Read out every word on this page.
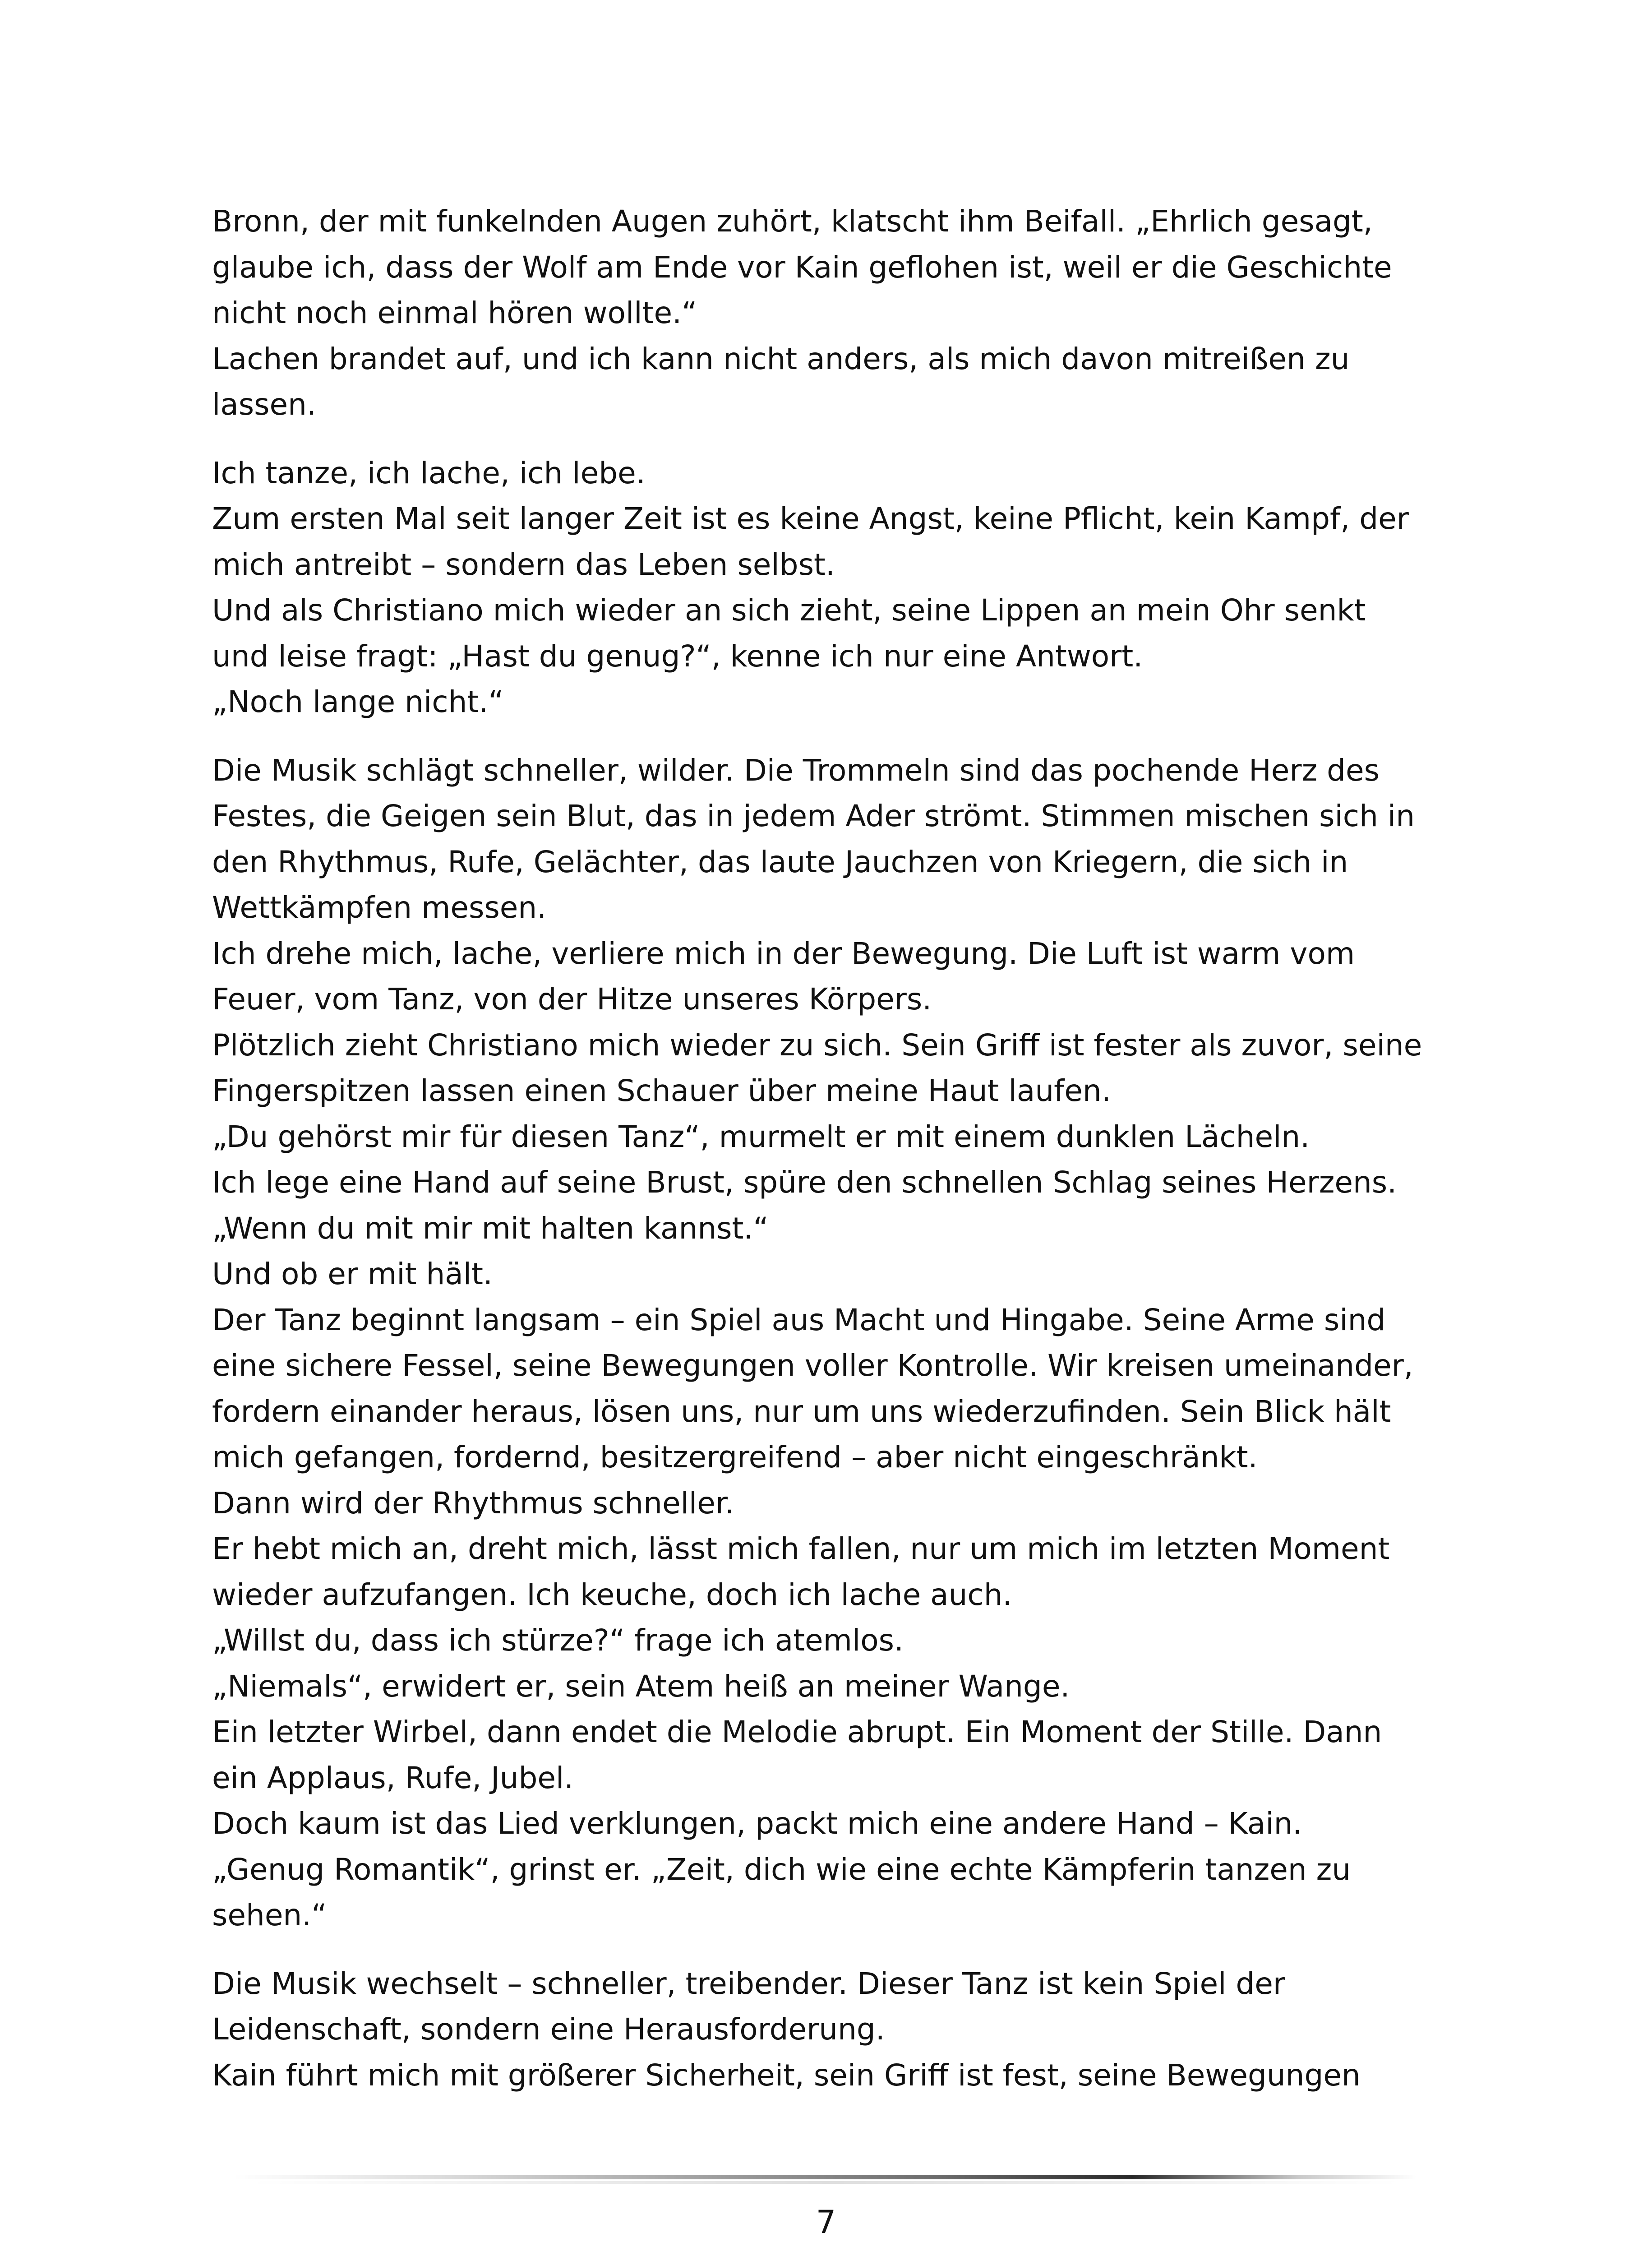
Bronn, der mit funkelnden Augen zuhört, klatscht ihm Beifall. „Ehrlich gesagt,
glaube ich, dass der Wolf am Ende vor Kain geflohen ist, weil er die Geschichte
nicht noch einmal hören wollte.“
Lachen brandet auf, und ich kann nicht anders, als mich davon mitreißen zu
lassen.
Ich tanze, ich lache, ich lebe.
Zum ersten Mal seit langer Zeit ist es keine Angst, keine Pflicht, kein Kampf, der
mich antreibt – sondern das Leben selbst.
Und als Christiano mich wieder an sich zieht, seine Lippen an mein Ohr senkt
und leise fragt: „Hast du genug?“, kenne ich nur eine Antwort.
„Noch lange nicht.“
Die Musik schlägt schneller, wilder. Die Trommeln sind das pochende Herz des
Festes, die Geigen sein Blut, das in jedem Ader strömt. Stimmen mischen sich in
den Rhythmus, Rufe, Gelächter, das laute Jauchzen von Kriegern, die sich in
Wettkämpfen messen.
Ich drehe mich, lache, verliere mich in der Bewegung. Die Luft ist warm vom
Feuer, vom Tanz, von der Hitze unseres Körpers.
Plötzlich zieht Christiano mich wieder zu sich. Sein Griff ist fester als zuvor, seine
Fingerspitzen lassen einen Schauer über meine Haut laufen.
„Du gehörst mir für diesen Tanz“, murmelt er mit einem dunklen Lächeln.
Ich lege eine Hand auf seine Brust, spüre den schnellen Schlag seines Herzens.
„Wenn du mit mir mit halten kannst.“
Und ob er mit hält.
Der Tanz beginnt langsam – ein Spiel aus Macht und Hingabe. Seine Arme sind
eine sichere Fessel, seine Bewegungen voller Kontrolle. Wir kreisen umeinander,
fordern einander heraus, lösen uns, nur um uns wiederzufinden. Sein Blick hält
mich gefangen, fordernd, besitzergreifend – aber nicht eingeschränkt.
Dann wird der Rhythmus schneller.
Er hebt mich an, dreht mich, lässt mich fallen, nur um mich im letzten Moment
wieder aufzufangen. Ich keuche, doch ich lache auch.
„Willst du, dass ich stürze?“ frage ich atemlos.
„Niemals“, erwidert er, sein Atem heiß an meiner Wange.
Ein letzter Wirbel, dann endet die Melodie abrupt. Ein Moment der Stille. Dann
ein Applaus, Rufe, Jubel.
Doch kaum ist das Lied verklungen, packt mich eine andere Hand – Kain.
„Genug Romantik“, grinst er. „Zeit, dich wie eine echte Kämpferin tanzen zu
sehen.“
Die Musik wechselt – schneller, treibender. Dieser Tanz ist kein Spiel der
Leidenschaft, sondern eine Herausforderung.
Kain führt mich mit größerer Sicherheit, sein Griff ist fest, seine Bewegungen
7
